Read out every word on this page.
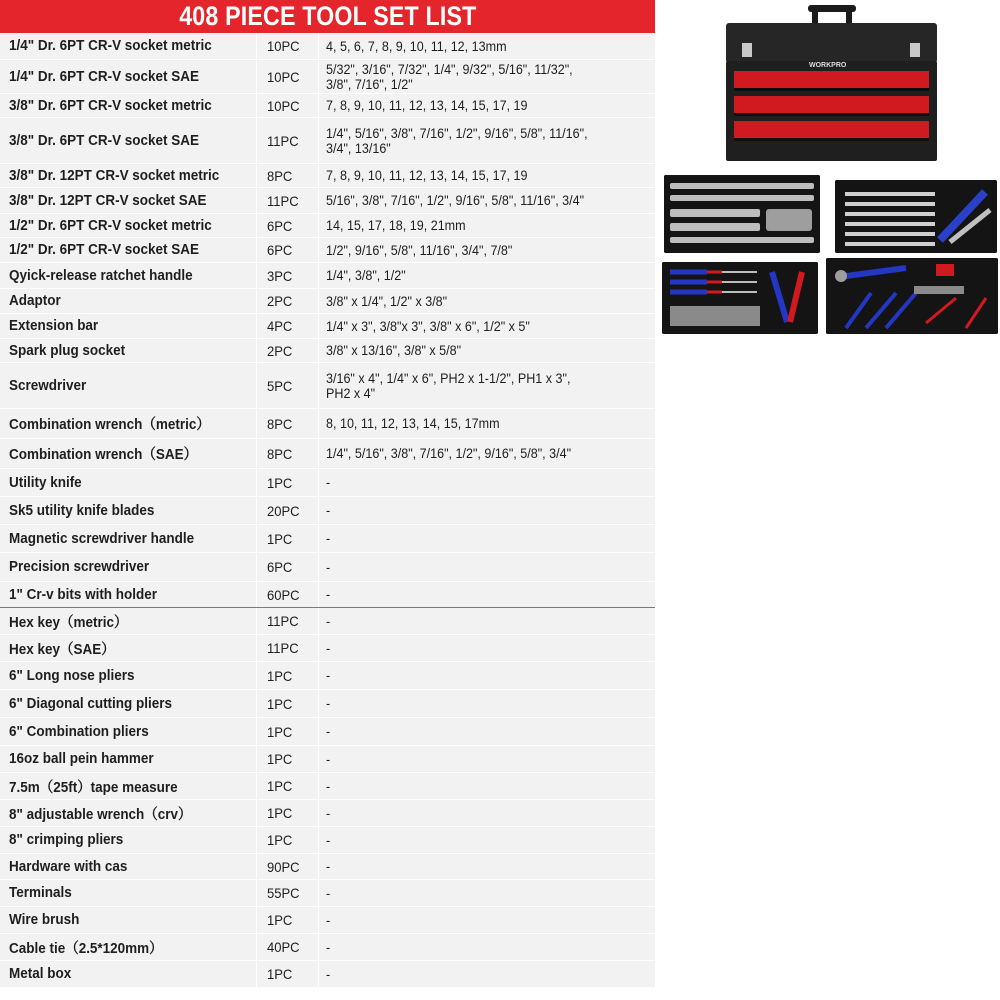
408 PIECE TOOL SET LIST
1/4" Dr. 6PT CR-V socket metric	10PC 4, 5, 6, 7, 8, 9, 10, 11, 12, 13mm
1/4" Dr. 6PT CR-V socket SAE	10PC 5/32", 3/16", 7/32", 1/4", 9/32", 5/16", 11/32",
3/8", 7/16", 1/2"
3/8" Dr. 6PT CR-V socket metric	10PC 7, 8, 9, 10, 11, 12, 13, 14, 15, 17, 19
3/8" Dr. 6PT CR-V socket SAE	11PC 1/4", 5/16", 3/8", 7/16", 1/2", 9/16", 5/8", 11/16",
3/4", 13/16"
3/8" Dr. 12PT CR-V socket metric	8PC 7, 8, 9, 10, 11, 12, 13, 14, 15, 17, 19
3/8" Dr. 12PT CR-V socket SAE	11PC 5/16", 3/8", 7/16", 1/2", 9/16", 5/8", 11/16", 3/4"
1/2" Dr. 6PT CR-V socket metric	6PC 14, 15, 17, 18, 19, 21mm
1/2" Dr. 6PT CR-V socket SAE	6PC 1/2", 9/16", 5/8", 11/16", 3/4", 7/8"
Qyick-release ratchet handle	3PC 1/4", 3/8", 1/2"
Adaptor	2PC 3/8" x 1/4", 1/2" x 3/8"
Extension bar	4PC 1/4" x 3", 3/8"x 3", 3/8" x 6", 1/2" x 5"
Spark plug socket	2PC 3/8" x 13/16", 3/8" x 5/8"
Screwdriver	5PC 3/16" x 4", 1/4" x 6", PH2 x 1-1/2", PH1 x 3",
PH2 x 4"
Combination wrench（metric）	8PC 8, 10, 11, 12, 13, 14, 15, 17mm
Combination wrench（SAE）	8PC 1/4", 5/16", 3/8", 7/16", 1/2", 9/16", 5/8", 3/4"
Utility knife	1PC -
Sk5 utility knife blades	20PC -
Magnetic screwdriver handle	1PC -
Precision screwdriver	6PC -
1" Cr-v bits with holder	60PC -
Hex key（metric）	11PC -
Hex key（SAE）	11PC -
6" Long nose pliers	1PC -
6" Diagonal cutting pliers	1PC -
6" Combination pliers	1PC -
16oz ball pein hammer	1PC -
7.5m（25ft）tape measure	1PC -
8" adjustable wrench（crv）	1PC -
8" crimping pliers	1PC -
Hardware with cas	90PC -
Terminals	55PC -
Wire brush	1PC -
Cable tie（2.5*120mm）	40PC -
Metal box	1PC -
WORKPRO
